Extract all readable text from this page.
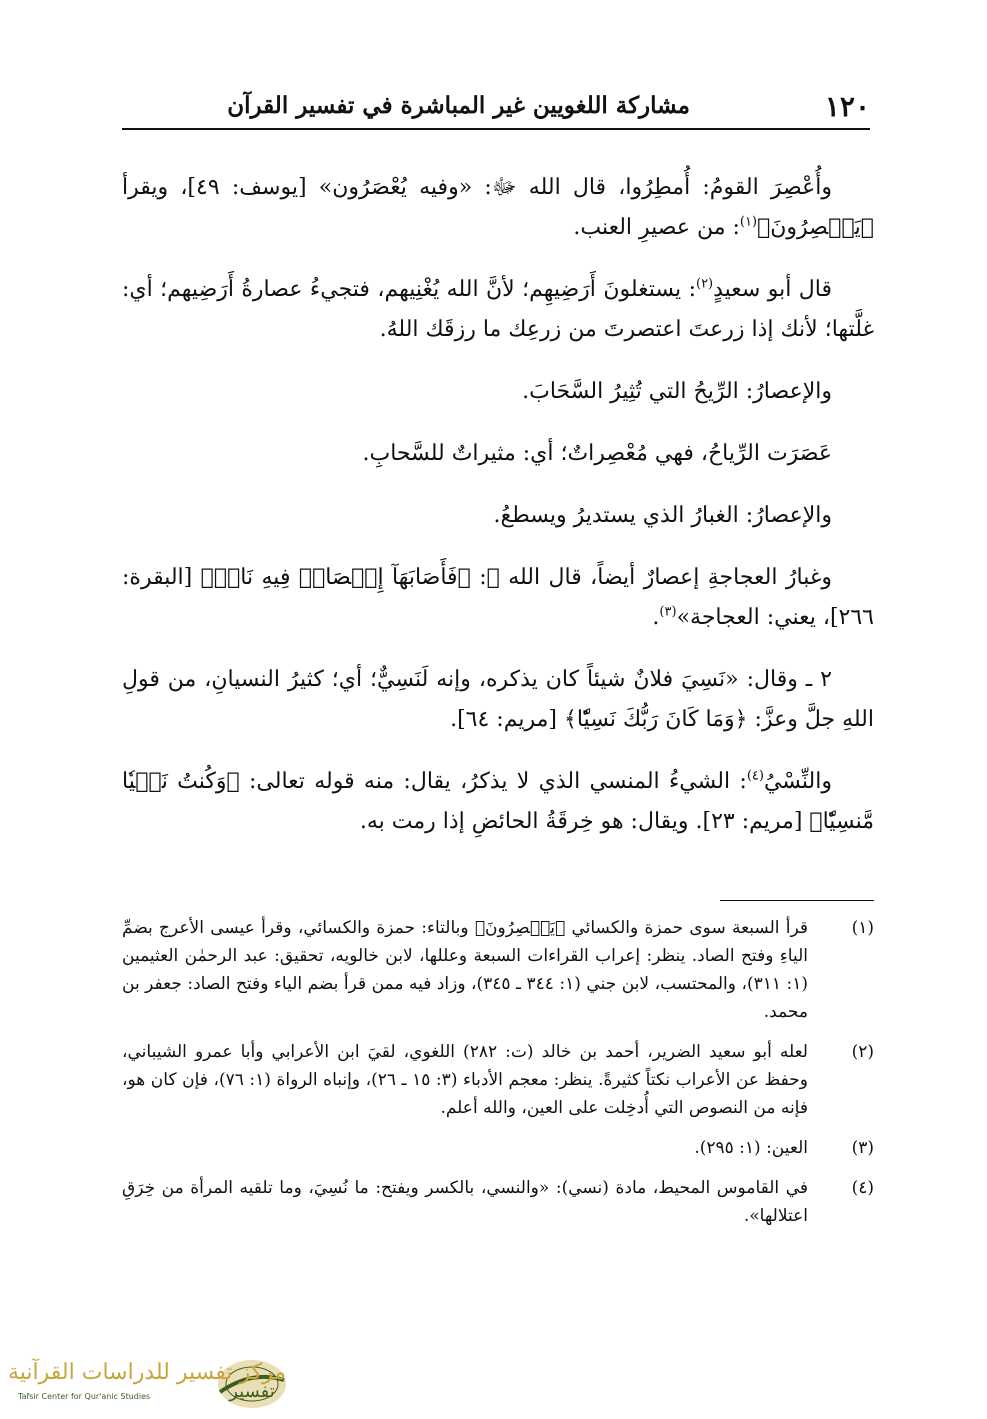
١٢٠
مشاركة اللغويين غير المباشرة في تفسير القرآن

وأُعْصِرَ القومُ: أُمطِرُوا، قال الله ﷻ: «وفيه يُعْصَرُون» [يوسف: ٤٩]، ويقرأ ﴿يَعۡصِرُونَ﴾$^{(١)}$: من عصيرِ العنب.

قال أبو سعيدٍ$^{(٢)}$: يستغلونَ أَرَضِيهِم؛ لأنَّ الله يُغْنِيهم، فتجيءُ عصارةُ أَرَضِيهم؛ أي: غلَّتها؛ لأنك إذا زرعتَ اعتصرتَ من زرعِك ما رزقَك اللهُ.

والإعصارُ: الرِّيحُ التي تُثِيرُ السَّحَابَ.

عَصَرَت الرِّياحُ، فهي مُعْصِراتٌ؛ أي: مثيراتٌ للسَّحابِ.

والإعصارُ: الغبارُ الذي يستديرُ ويسطعُ.

وغبارُ العجاجةِ إعصارٌ أيضاً، قال الله ﷻ: ﴿فَأَصَابَهَآ إِعۡصَارٞ فِيهِ نَارٞ﴾ [البقرة: ٢٦٦]، يعني: العجاجة»$^{(٣)}$.

٢ ـ وقال: «نَسِيَ فلانٌ شيئاً كان يذكره، وإنه لَنَسِيٌّ؛ أي؛ كثيرُ النسيانِ، من قولِ اللهِ جلَّ وعزَّ: ﴿وَمَا كَانَ رَبُّكَ نَسِيّٗا﴾ [مريم: ٦٤].

والنِّسْيُ$^{(٤)}$: الشيءُ المنسي الذي لا يذكرُ، يقال: منه قوله تعالى: ﴿وَكُنتُ نَسۡيٗا مَّنسِيّٗا﴾ [مريم: ٢٣]. ويقال: هو خِرقَةُ الحائضِ إذا رمت به.

(١)
قرأ السبعة سوى حمزة والكسائي ﴿يَعۡصِرُونَ﴾ وبالتاء: حمزة والكسائي، وقرأ عيسى الأعرج بضمِّ الياءِ وفتح الصاد. ينظر: إعراب القراءات السبعة وعللها، لابن خالويه، تحقيق: عبد الرحمٰن العثيمين (١: ٣١١)، والمحتسب، لابن جني (١: ٣٤٤ ـ ٣٤٥)، وزاد فيه ممن قرأ بضم الياء وفتح الصاد: جعفر بن محمد.
(٢)
لعله أبو سعيد الضرير، أحمد بن خالد (ت: ٢٨٢) اللغوي، لقيَ ابن الأعرابي وأبا عمرو الشيباني، وحفظ عن الأعراب نكتاً كثيرةً. ينظر: معجم الأدباء (٣: ١٥ ـ ٢٦)، وإنباه الرواة (١: ٧٦)، فإن كان هو، فإنه من النصوص التي أُدخِلت على العين، والله أعلم.
(٣)
العين: (١: ٢٩٥).
(٤)
في القاموس المحيط، مادة (نسي): «والنسي، بالكسر ويفتح: ما نُسِيَ، وما تلقيه المرأة من خِرَقِ اعتلالها».
تفسير
مركز تفسير للدراسات القرآنية
Tafsir Center for Qur'anic Studies
